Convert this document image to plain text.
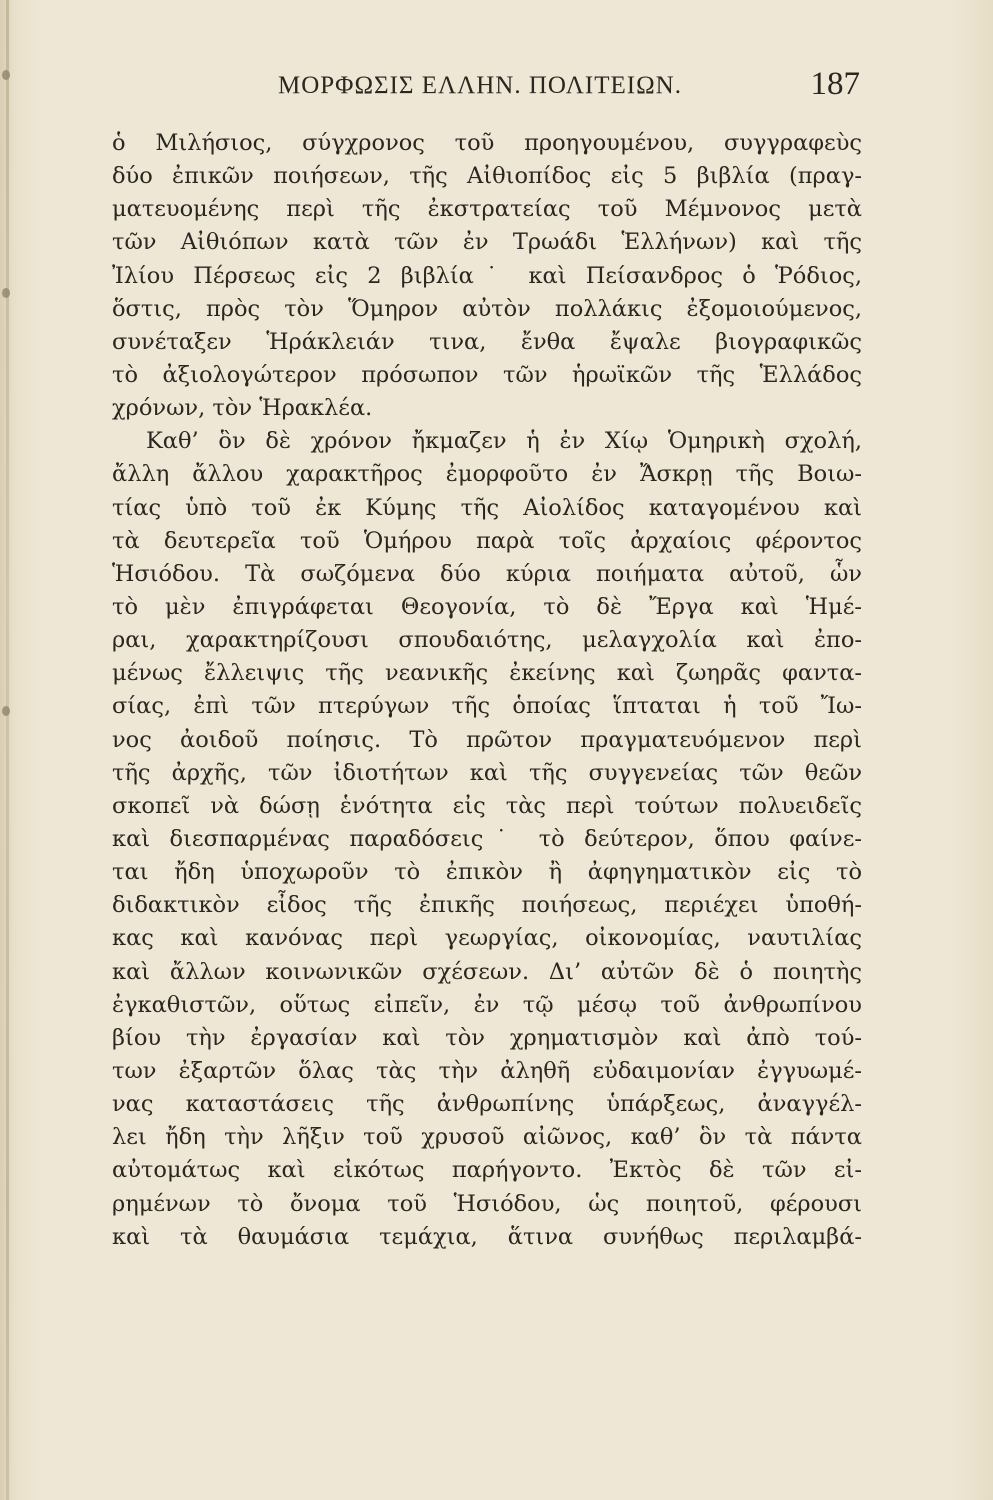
ΜΟΡΦΩΣΙΣ ΕΛΛΗΝ. ΠΟΛΙΤΕΙΩΝ.	187
ὁ Μιλήσιος, σύγχρονος τοῦ προηγουμένου, συγγραφεὺς
δύο ἐπικῶν ποιήσεων, τῆς Αἰθιοπίδος εἰς 5 βιβλία (πραγ-
ματευομένης περὶ τῆς ἐκστρατείας τοῦ Μέμνονος μετὰ
τῶν Αἰθιόπων κατὰ τῶν ἐν Τρωάδι Ἑλλήνων) καὶ τῆς
Ἰλίου Πέρσεως εἰς 2 βιβλία˙ καὶ Πείσανδρος ὁ Ῥόδιος,
ὅστις, πρὸς τὸν Ὅμηρον αὐτὸν πολλάκις ἐξομοιούμενος,
συνέταξεν Ἡράκλειάν τινα, ἔνθα ἔψαλε βιογραφικῶς
τὸ ἀξιολογώτερον πρόσωπον τῶν ἡρωϊκῶν τῆς Ἑλλάδος
χρόνων, τὸν Ἡρακλέα.
Καθ’ ὃν δὲ χρόνον ἤκμαζεν ἡ ἐν Χίῳ Ὁμηρικὴ σχολή,
ἄλλη ἄλλου χαρακτῆρος ἐμορφοῦτο ἐν Ἄσκρῃ τῆς Βοιω-
τίας ὑπὸ τοῦ ἐκ Κύμης τῆς Αἰολίδος καταγομένου καὶ
τὰ δευτερεῖα τοῦ Ὁμήρου παρὰ τοῖς ἀρχαίοις φέροντος
Ἡσιόδου. Τὰ σωζόμενα δύο κύρια ποιήματα αὐτοῦ, ὧν
τὸ μὲν ἐπιγράφεται Θεογονία, τὸ δὲ Ἔργα καὶ Ἡμέ-
ραι, χαρακτηρίζουσι σπουδαιότης, μελαγχολία καὶ ἐπο-
μένως ἔλλειψις τῆς νεανικῆς ἐκείνης καὶ ζωηρᾶς φαντα-
σίας, ἐπὶ τῶν πτερύγων τῆς ὁποίας ἵπταται ἡ τοῦ Ἴω-
νος ἀοιδοῦ ποίησις. Τὸ πρῶτον πραγματευόμενον περὶ
τῆς ἀρχῆς, τῶν ἰδιοτήτων καὶ τῆς συγγενείας τῶν θεῶν
σκοπεῖ νὰ δώσῃ ἑνότητα εἰς τὰς περὶ τούτων πολυειδεῖς
καὶ διεσπαρμένας παραδόσεις˙ τὸ δεύτερον, ὅπου φαίνε-
ται ἤδη ὑποχωροῦν τὸ ἐπικὸν ἢ ἀφηγηματικὸν εἰς τὸ
διδακτικὸν εἶδος τῆς ἐπικῆς ποιήσεως, περιέχει ὑποθή-
κας καὶ κανόνας περὶ γεωργίας, οἰκονομίας, ναυτιλίας
καὶ ἄλλων κοινωνικῶν σχέσεων. Δι’ αὐτῶν δὲ ὁ ποιητὴς
ἐγκαθιστῶν, οὕτως εἰπεῖν, ἐν τῷ μέσῳ τοῦ ἀνθρωπίνου
βίου τὴν ἐργασίαν καὶ τὸν χρηματισμὸν καὶ ἀπὸ τού-
των ἐξαρτῶν ὅλας τὰς τὴν ἀληθῆ εὐδαιμονίαν ἐγγυωμέ-
νας καταστάσεις τῆς ἀνθρωπίνης ὑπάρξεως, ἀναγγέλ-
λει ἤδη τὴν λῆξιν τοῦ χρυσοῦ αἰῶνος, καθ’ ὃν τὰ πάντα
αὐτομάτως καὶ εἰκότως παρήγοντο. Ἐκτὸς δὲ τῶν εἰ-
ρημένων τὸ ὄνομα τοῦ Ἡσιόδου, ὡς ποιητοῦ, φέρουσι
καὶ τὰ θαυμάσια τεμάχια, ἅτινα συνήθως περιλαμβά-
